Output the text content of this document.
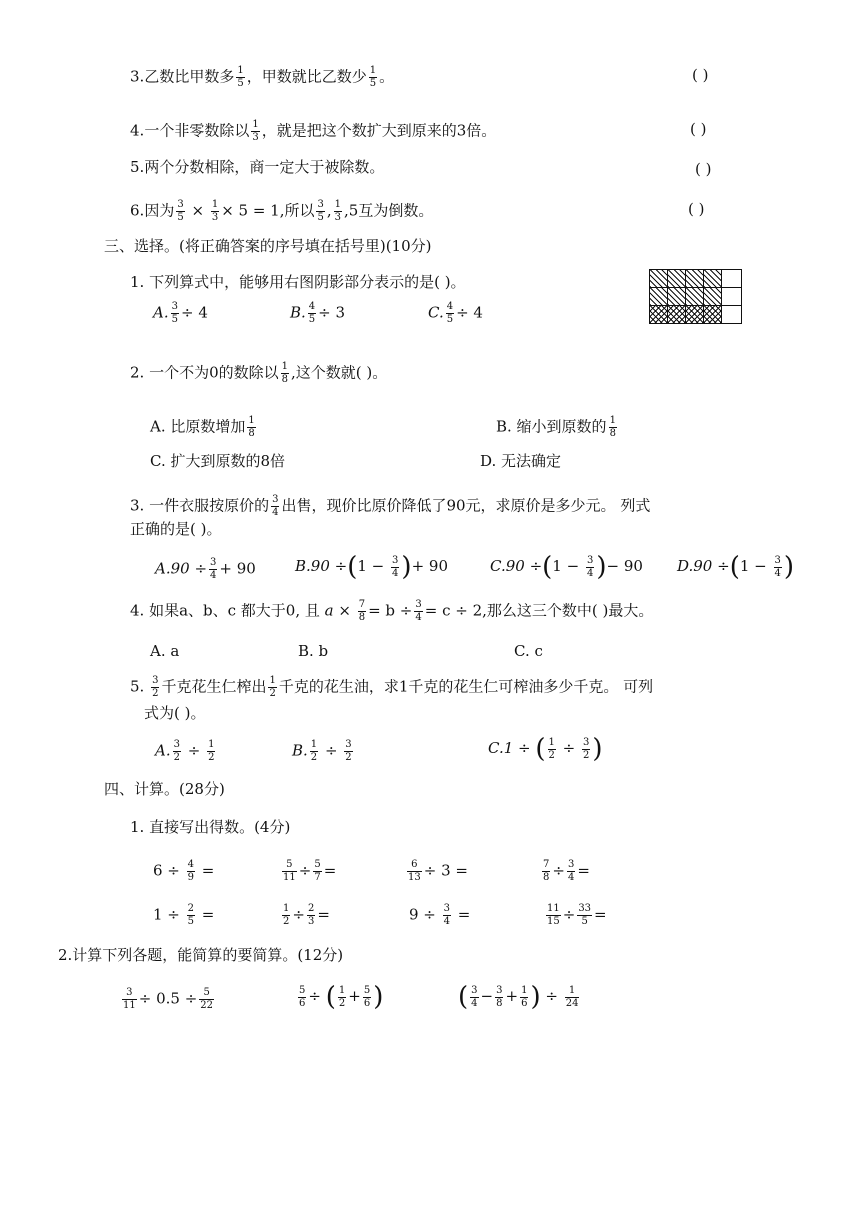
3.乙数比甲数多 $\frac{1}{5}$ ，甲数就比乙数少 $\frac{1}{5}$ 。	( )
4.一个非零数除以 $\frac{1}{3}$ ，就是把这个数扩大到原来的3倍。	( )
5.两个分数相除，商一定大于被除数。	( )
6.因为 $\frac{3}{5} \times \frac{1}{3} \times 5 = 1$,所以 $\frac{3}{5}$ , $\frac{1}{3} ,5$互为倒数。	( )
三、选择。(将正确答案的序号填在括号里)(10分)
1. 下列算式中，能够用右图阴影部分表示的是( )。
A. $\frac{3}{5} \div 4$	B. $\frac{4}{5} \div 3$	C. $\frac{4}{5} \div 4$
2. 一个不为0的数除以 $\frac{1}{8}$ ,这个数就( )。
A. 比原数增加 $\frac{1}{8}$	B. 缩小到原数的 $\frac{1}{8}$
C. 扩大到原数的8倍	D. 无法确定
3. 一件衣服按原价的 $\frac{3}{4}$ 出售，现价比原价降低了90元，求原价是多少元。 列式
正确的是( )。
$A.90 \div \frac{3}{4} + 90$	$B.90 \div(1 - \frac{3}{4}$ )+ 90	$C.90 \div(1 - \frac{3}{4}$ )− 90 $D.90 \div(1 - \frac{3}{4}$ )
4. 如果a、b、c 都大于0, 且 $a \times \frac{7}{8} = b \div \frac{3}{4} = c \div 2$,那么这三个数中( )最大。
A. a	B. b	C. c
5. $\frac{3}{2}$ 千克花生仁榨出 $\frac{1}{2}$ 千克的花生油，求1千克的花生仁可榨油多少千克。 可列
式为( )。
A. $\frac{3}{2} \div \frac{1}{2}$	B. $\frac{1}{2} \div \frac{3}{2}$	C.1 ÷ ( $\frac{1}{2} \div \frac{3}{2}$ )
四、计算。(28分)
1. 直接写出得数。(4分)
$6 \div \frac{4}{9}$ =	$\frac{5}{11} \div \frac{5}{7}$ =	$\frac{6}{13} \div 3$ =	$\frac{7}{8} \div \frac{3}{4}$ =
$1 \div \frac{2}{5}$ =	$\frac{1}{2} \div \frac{2}{3}$ =	$9 \div \frac{3}{4}$ =	$\frac{11}{15} \div \frac{33}{5}$ =
2.计算下列各题，能简算的要简算。(12分)
$\frac{3}{11} \div 0.5 \div \frac{5}{22}$	$\frac{5}{6}$ ÷ ( $\frac{1}{2} + \frac{5}{6}$ )	( $\frac{3}{4} - \frac{3}{8} + \frac{1}{6}$ ) ÷ $\frac{1}{24}$
